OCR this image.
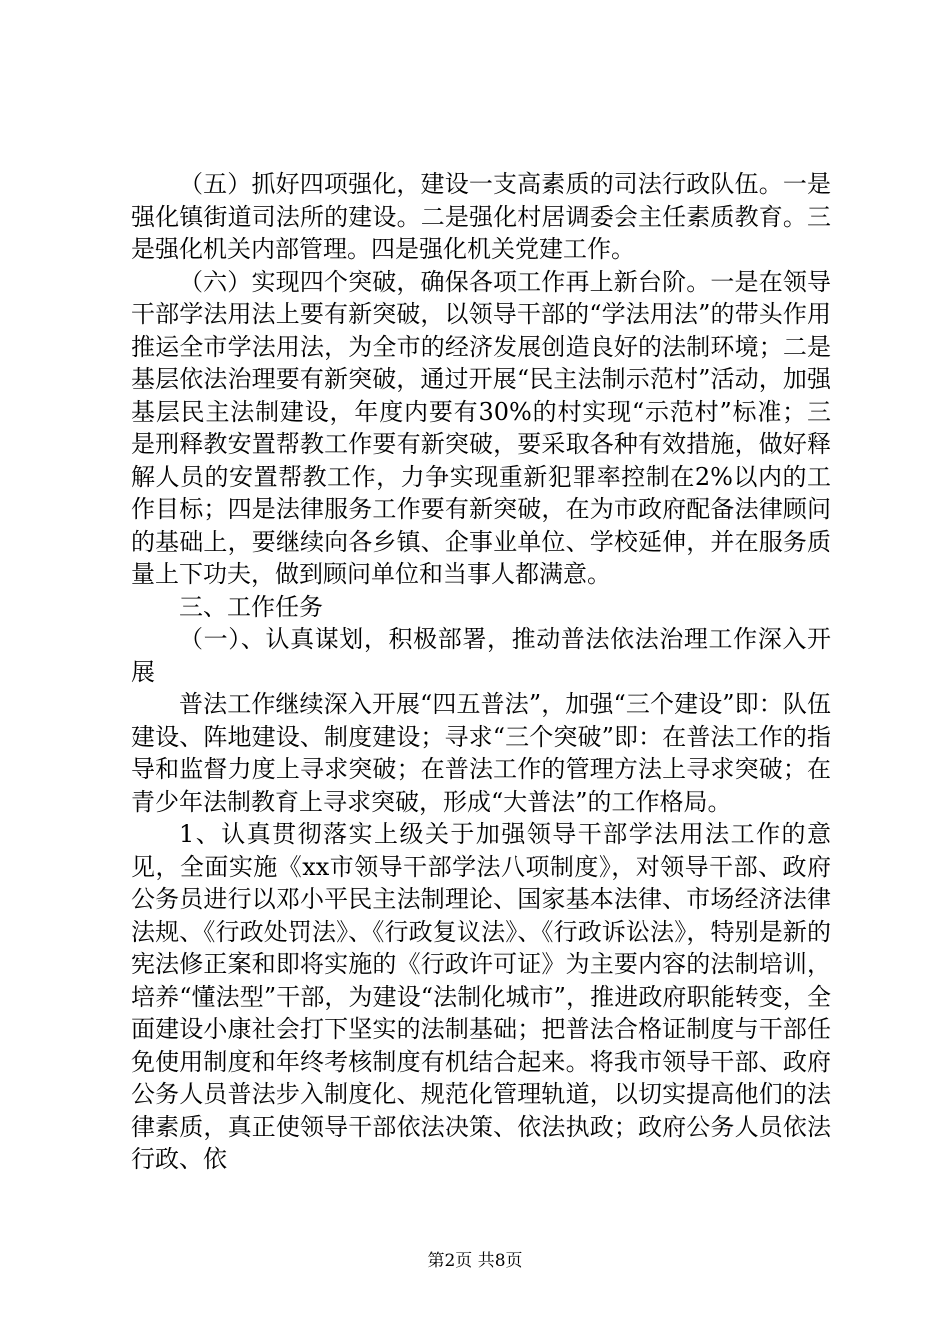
（五）抓好四项强化，建设一支高素质的司法行政队伍。一是强化镇街道司法所的建设。二是强化村居调委会主任素质教育。三是强化机关内部管理。四是强化机关党建工作。

（六）实现四个突破，确保各项工作再上新台阶。一是在领导干部学法用法上要有新突破，以领导干部的“学法用法”的带头作用推运全市学法用法，为全市的经济发展创造良好的法制环境；二是基层依法治理要有新突破，通过开展“民主法制示范村”活动，加强基层民主法制建设，年度内要有30%的村实现“示范村”标准；三是刑释教安置帮教工作要有新突破，要采取各种有效措施，做好释解人员的安置帮教工作，力争实现重新犯罪率控制在2%以内的工作目标；四是法律服务工作要有新突破，在为市政府配备法律顾问的基础上，要继续向各乡镇、企事业单位、学校延伸，并在服务质量上下功夫，做到顾问单位和当事人都满意。

三、工作任务

（一）、认真谋划，积极部署，推动普法依法治理工作深入开展

普法工作继续深入开展“四五普法”，加强“三个建设”即：队伍建设、阵地建设、制度建设；寻求“三个突破”即：在普法工作的指导和监督力度上寻求突破；在普法工作的管理方法上寻求突破；在青少年法制教育上寻求突破，形成“大普法”的工作格局。

1、认真贯彻落实上级关于加强领导干部学法用法工作的意见，全面实施《xx市领导干部学法八项制度》，对领导干部、政府公务员进行以邓小平民主法制理论、国家基本法律、市场经济法律法规、《行政处罚法》、《行政复议法》、《行政诉讼法》，特别是新的宪法修正案和即将实施的《行政许可证》为主要内容的法制培训，培养“懂法型”干部，为建设“法制化城市”，推进政府职能转变，全面建设小康社会打下坚实的法制基础；把普法合格证制度与干部任免使用制度和年终考核制度有机结合起来。将我市领导干部、政府公务人员普法步入制度化、规范化管理轨道，以切实提高他们的法律素质，真正使领导干部依法决策、依法执政；政府公务人员依法行政、依

第2页 共8页
